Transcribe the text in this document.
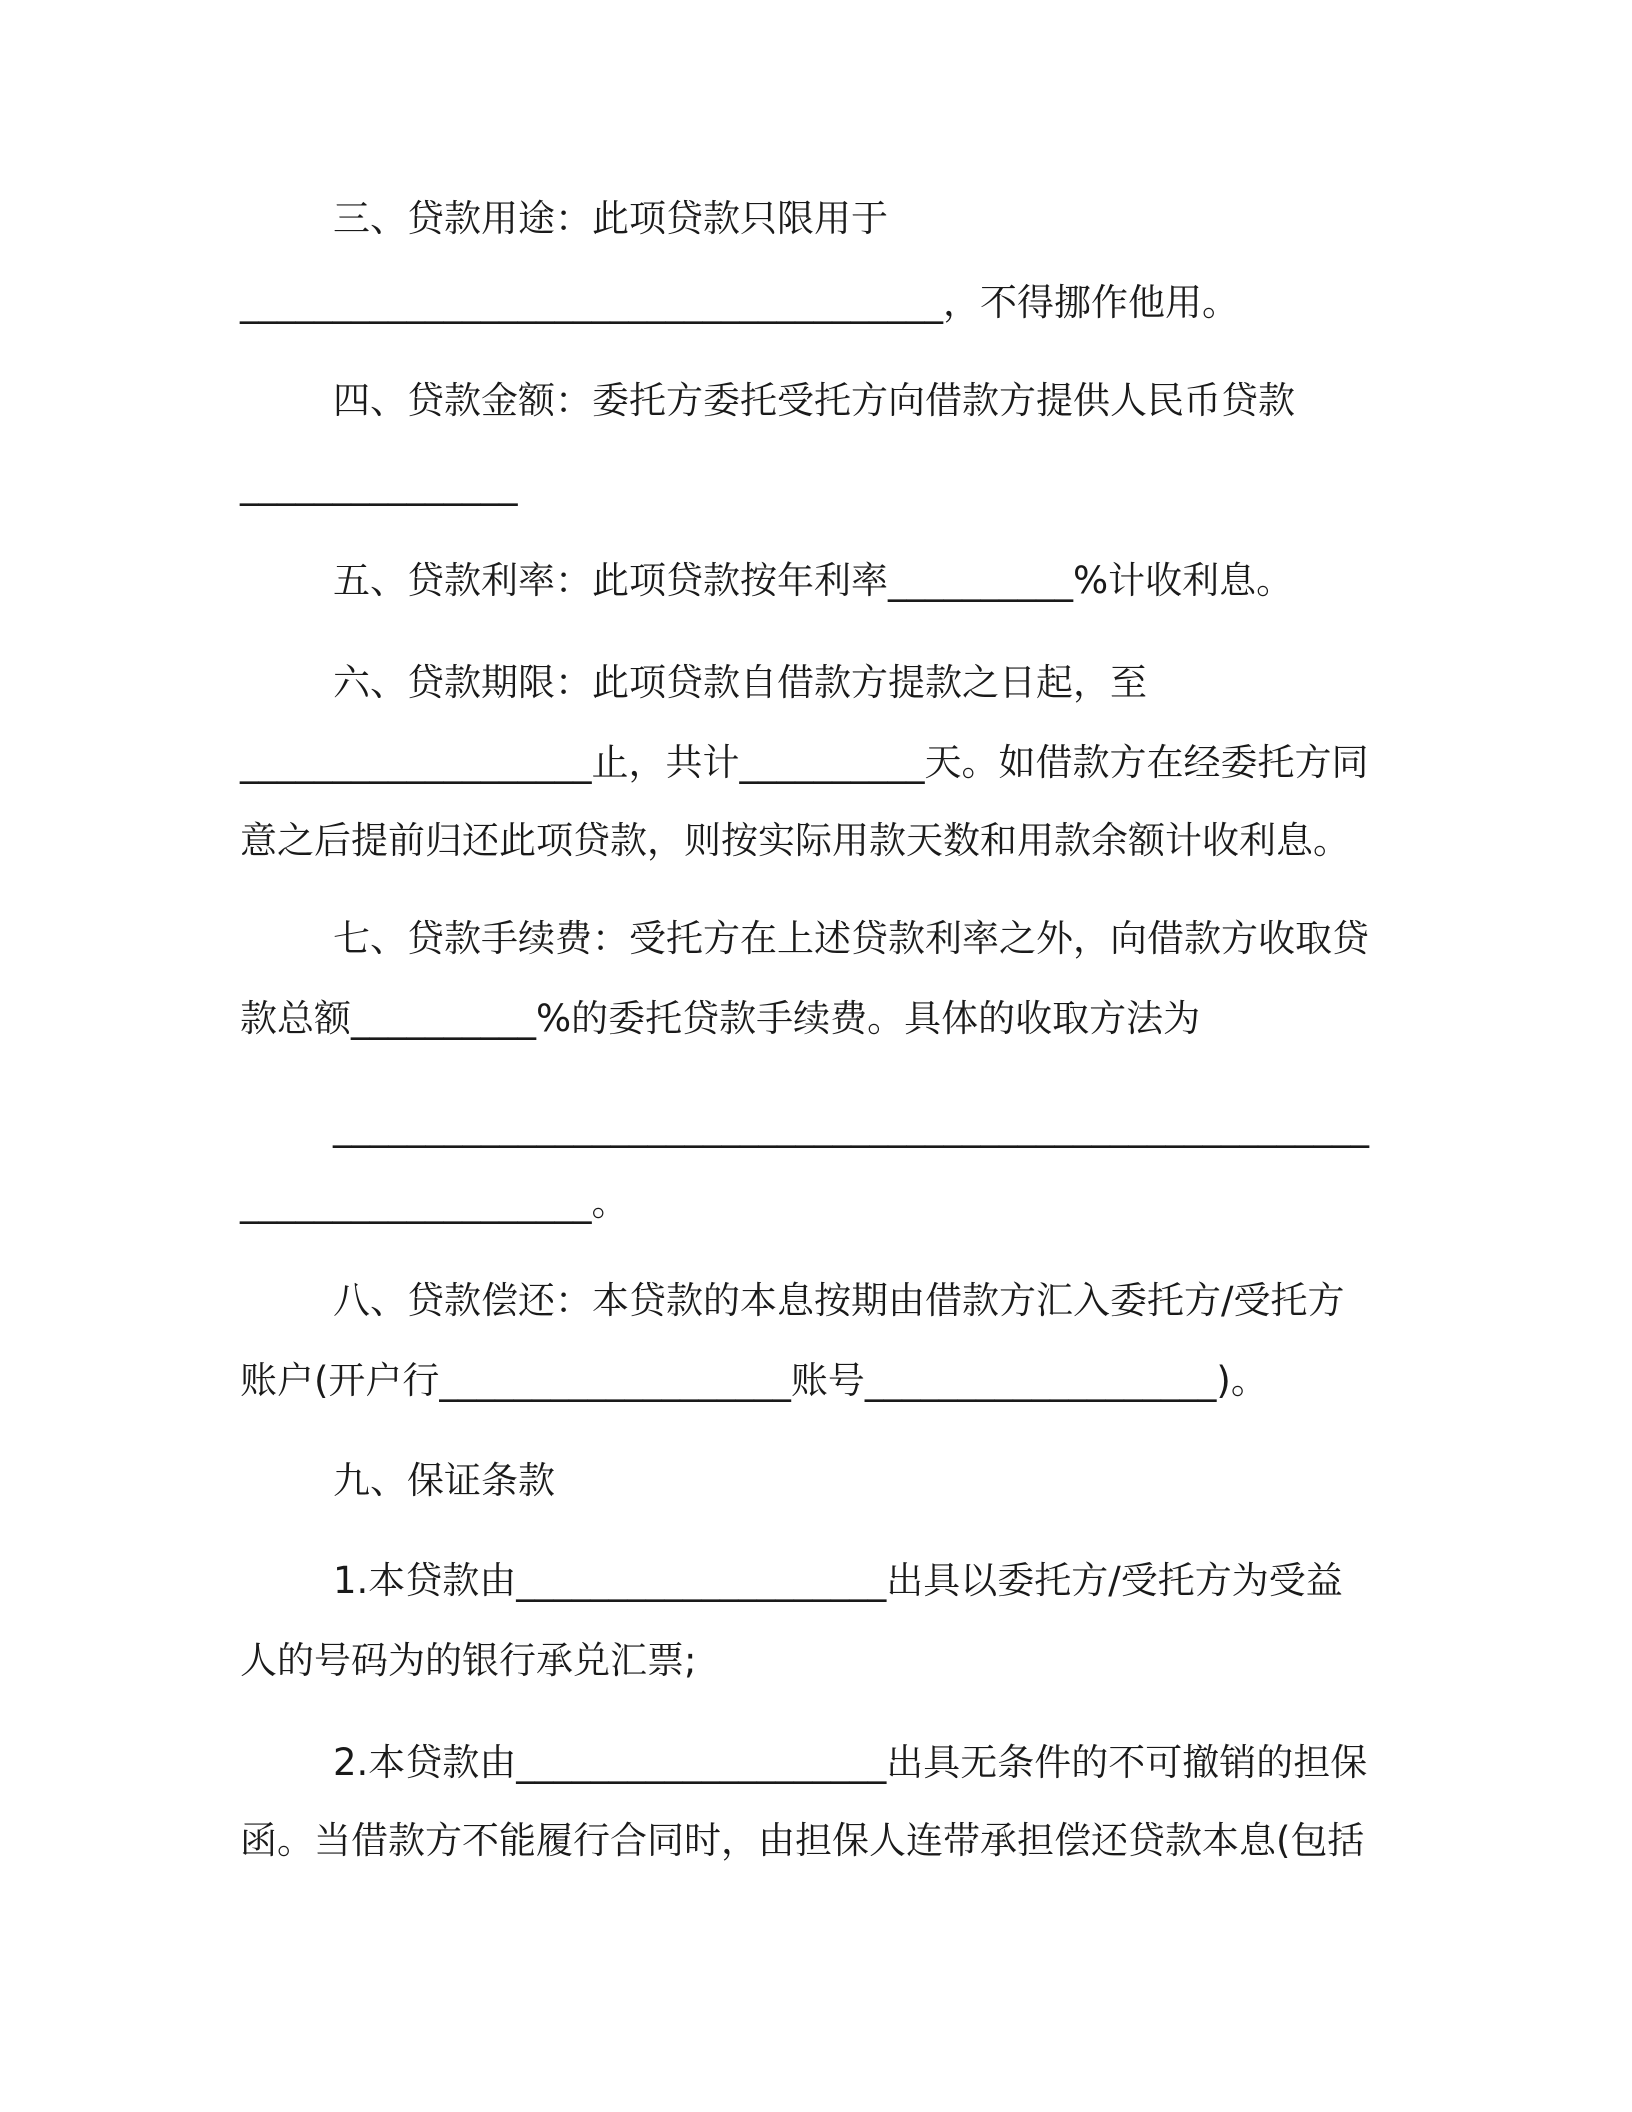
三、贷款用途：此项贷款只限用于
______________________________________，不得挪作他用。
四、贷款金额：委托方委托受托方向借款方提供人民币贷款
_______________
五、贷款利率：此项贷款按年利率__________%计收利息。
六、贷款期限：此项贷款自借款方提款之日起，至
___________________止，共计__________天。如借款方在经委托方同
意之后提前归还此项贷款，则按实际用款天数和用款余额计收利息。
七、贷款手续费：受托方在上述贷款利率之外，向借款方收取贷
款总额__________%的委托贷款手续费。具体的收取方法为
________________________________________________________
___________________。
八、贷款偿还：本贷款的本息按期由借款方汇入委托方/受托方
账户(开户行___________________账号___________________)。
九、保证条款
1.本贷款由____________________出具以委托方/受托方为受益
人的号码为的银行承兑汇票;
2.本贷款由____________________出具无条件的不可撤销的担保
函。当借款方不能履行合同时，由担保人连带承担偿还贷款本息(包括
